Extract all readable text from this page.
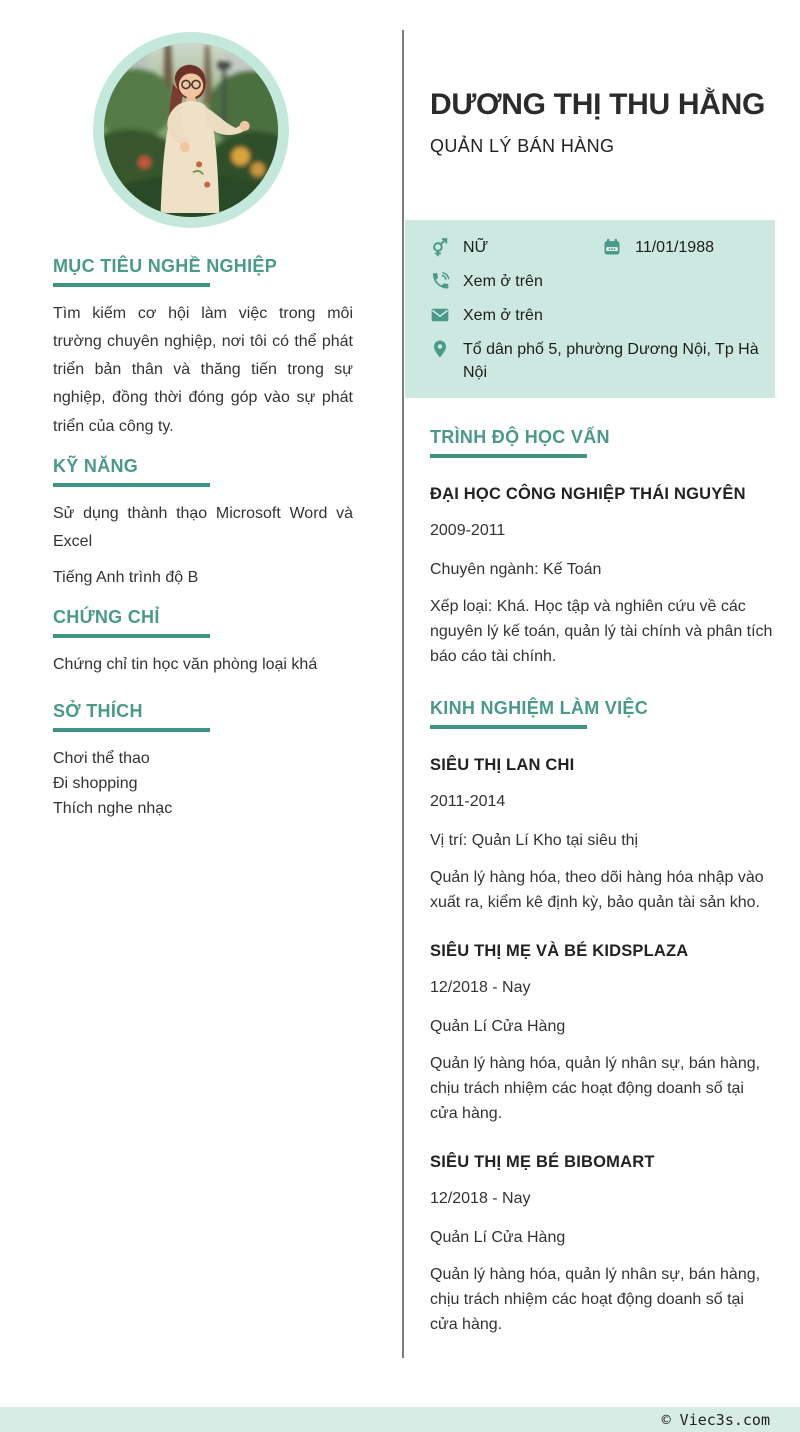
MỤC TIÊU NGHỀ NGHIỆP

Tìm kiếm cơ hội làm việc trong môi trường chuyên nghiệp, nơi tôi có thể phát triển bản thân và thăng tiến trong sự nghiệp, đồng thời đóng góp vào sự phát triển của công ty.

KỸ NĂNG

Sử dụng thành thạo Microsoft Word và Excel

Tiếng Anh trình độ B

CHỨNG CHỈ

Chứng chỉ tin học văn phòng loại khá

SỞ THÍCH
Chơi thể thao
Đi shopping
Thích nghe nhạc
DƯƠNG THỊ THU HẰNG
QUẢN LÝ BÁN HÀNG
NỮ	11/01/1988
Xem ở trên
Xem ở trên
Tổ dân phố 5, phường Dương Nội, Tp Hà Nội
TRÌNH ĐỘ HỌC VẤN
ĐẠI HỌC CÔNG NGHIỆP THÁI NGUYÊN
2009-2011
Chuyên ngành: Kế Toán
Xếp loại: Khá. Học tập và nghiên cứu về các nguyên lý kế toán, quản lý tài chính và phân tích báo cáo tài chính.
KINH NGHIỆM LÀM VIỆC
SIÊU THỊ LAN CHI
2011-2014
Vị trí: Quản Lí Kho tại siêu thị
Quản lý hàng hóa, theo dõi hàng hóa nhập vào xuất ra, kiểm kê định kỳ, bảo quản tài sản kho.
SIÊU THỊ MẸ VÀ BÉ KIDSPLAZA
12/2018 - Nay
Quản Lí Cửa Hàng
Quản lý hàng hóa, quản lý nhân sự, bán hàng, chịu trách nhiệm các hoạt động doanh số tại cửa hàng.
SIÊU THỊ MẸ BÉ BIBOMART
12/2018 - Nay
Quản Lí Cửa Hàng
Quản lý hàng hóa, quản lý nhân sự, bán hàng, chịu trách nhiệm các hoạt động doanh số tại cửa hàng.
© Viec3s.com
